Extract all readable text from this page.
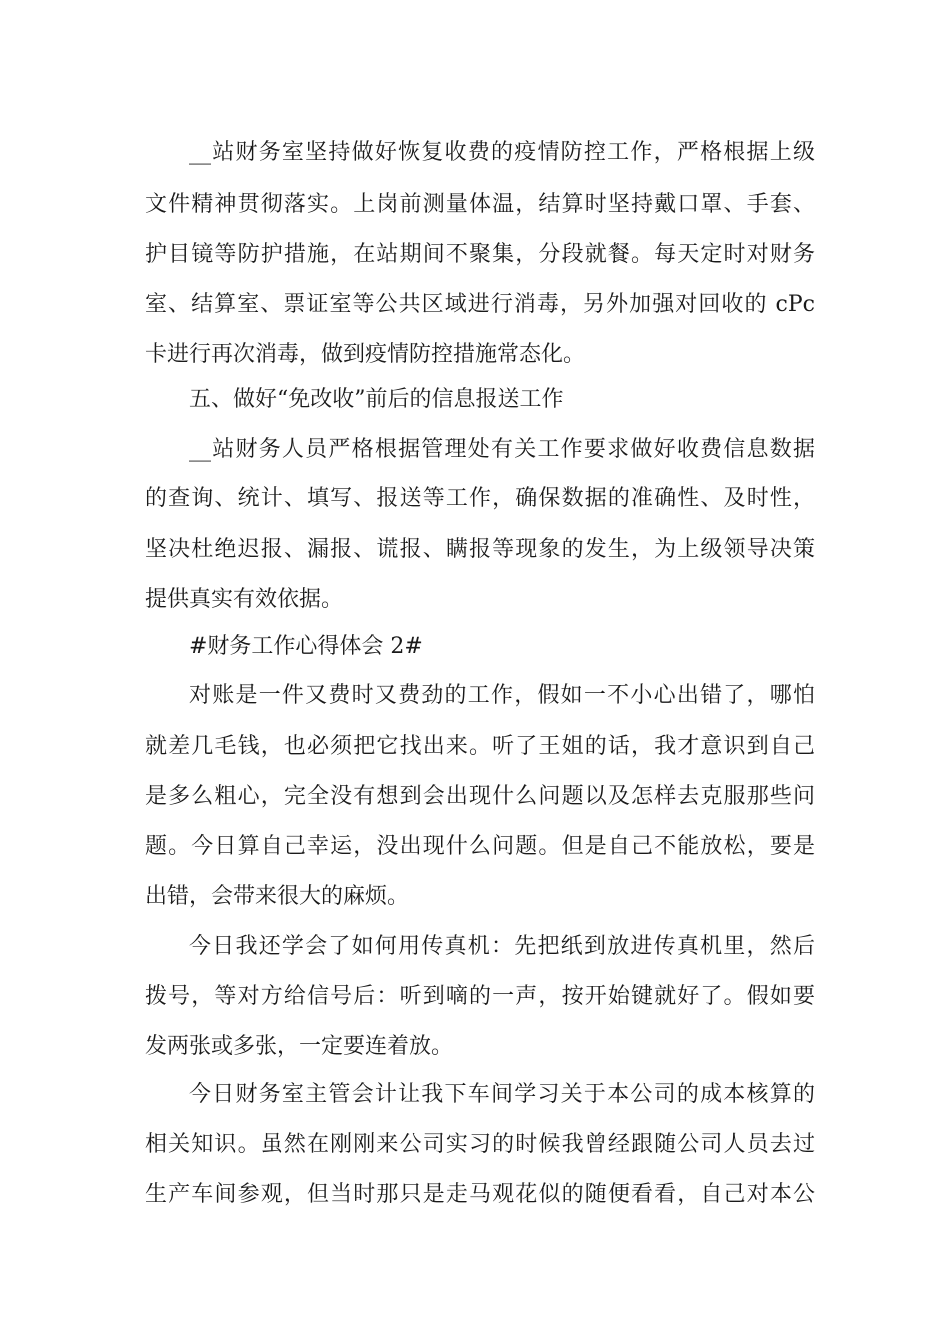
__站财务室坚持做好恢复收费的疫情防控工作，严格根据上级

文件精神贯彻落实。上岗前测量体温，结算时坚持戴口罩、手套、

护目镜等防护措施，在站期间不聚集，分段就餐。每天定时对财务

室、结算室、票证室等公共区域进行消毒，另外加强对回收的 cPc

卡进行再次消毒，做到疫情防控措施常态化。

五、做好“免改收”前后的信息报送工作

__站财务人员严格根据管理处有关工作要求做好收费信息数据

的查询、统计、填写、报送等工作，确保数据的准确性、及时性，

坚决杜绝迟报、漏报、谎报、瞒报等现象的发生，为上级领导决策

提供真实有效依据。

#财务工作心得体会 2#

对账是一件又费时又费劲的工作，假如一不小心出错了，哪怕

就差几毛钱，也必须把它找出来。听了王姐的话，我才意识到自己

是多么粗心，完全没有想到会出现什么问题以及怎样去克服那些问

题。今日算自己幸运，没出现什么问题。但是自己不能放松，要是

出错，会带来很大的麻烦。

今日我还学会了如何用传真机：先把纸到放进传真机里，然后

拨号，等对方给信号后：听到嘀的一声，按开始键就好了。假如要

发两张或多张，一定要连着放。

今日财务室主管会计让我下车间学习关于本公司的成本核算的

相关知识。虽然在刚刚来公司实习的时候我曾经跟随公司人员去过

生产车间参观，但当时那只是走马观花似的随便看看，自己对本公
